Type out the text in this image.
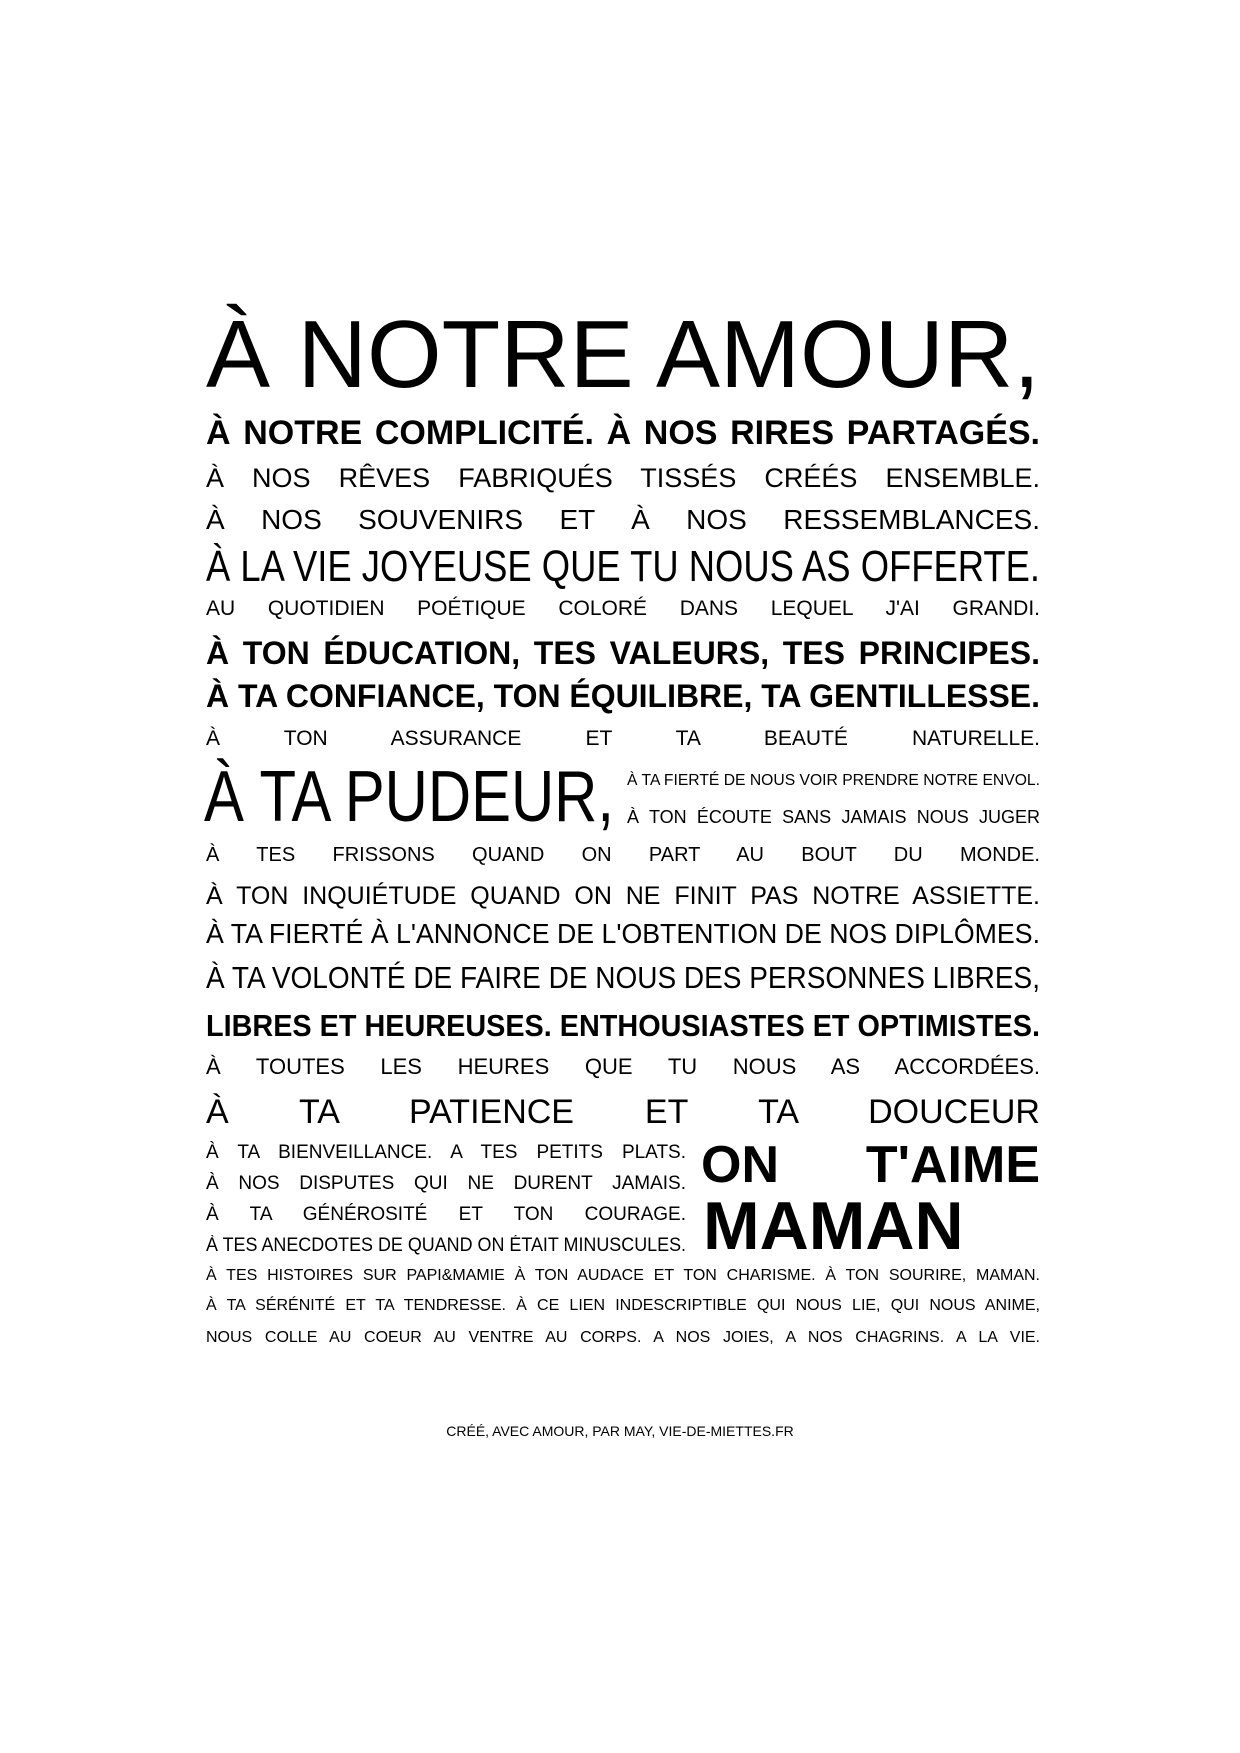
À NOTRE AMOUR,
À NOTRE COMPLICITÉ. À NOS RIRES PARTAGÉS.
À NOS RÊVES FABRIQUÉS TISSÉS CRÉÉS ENSEMBLE.
À NOS SOUVENIRS ET À NOS RESSEMBLANCES.
À LA VIE JOYEUSE QUE TU NOUS AS OFFERTE.
AU QUOTIDIEN POÉTIQUE COLORÉ DANS LEQUEL J'AI GRANDI.
À TON ÉDUCATION, TES VALEURS, TES PRINCIPES.
À TA CONFIANCE, TON ÉQUILIBRE, TA GENTILLESSE.
À TON ASSURANCE ET TA BEAUTÉ NATURELLE.
À TA PUDEUR, À TA FIERTÉ DE NOUS VOIR PRENDRE NOTRE ENVOL.
À TON ÉCOUTE SANS JAMAIS NOUS JUGER
À TES FRISSONS QUAND ON PART AU BOUT DU MONDE.
À TON INQUIÉTUDE QUAND ON NE FINIT PAS NOTRE ASSIETTE.
À TA FIERTÉ À L'ANNONCE DE L'OBTENTION DE NOS DIPLÔMES.
À TA VOLONTÉ DE FAIRE DE NOUS DES PERSONNES LIBRES,
LIBRES ET HEUREUSES. ENTHOUSIASTES ET OPTIMISTES.
À TOUTES LES HEURES QUE TU NOUS AS ACCORDÉES.
À TA PATIENCE ET TA DOUCEUR
À TA BIENVEILLANCE. A TES PETITS PLATS.
À NOS DISPUTES QUI NE DURENT JAMAIS.
À TA GÉNÉROSITÉ ET TON COURAGE.
À TES ANECDOTES DE QUAND ON ÉTAIT MINUSCULES.
ON T'AIME
MAMAN
À TES HISTOIRES SUR PAPI&MAMIE À TON AUDACE ET TON CHARISME. À TON SOURIRE, MAMAN.
À TA SÉRÉNITÉ ET TA TENDRESSE. À CE LIEN INDESCRIPTIBLE QUI NOUS LIE, QUI NOUS ANIME,
NOUS COLLE AU COEUR AU VENTRE AU CORPS. A NOS JOIES, A NOS CHAGRINS. A LA VIE.
CRÉÉ, AVEC AMOUR, PAR MAY, VIE-DE-MIETTES.FR
